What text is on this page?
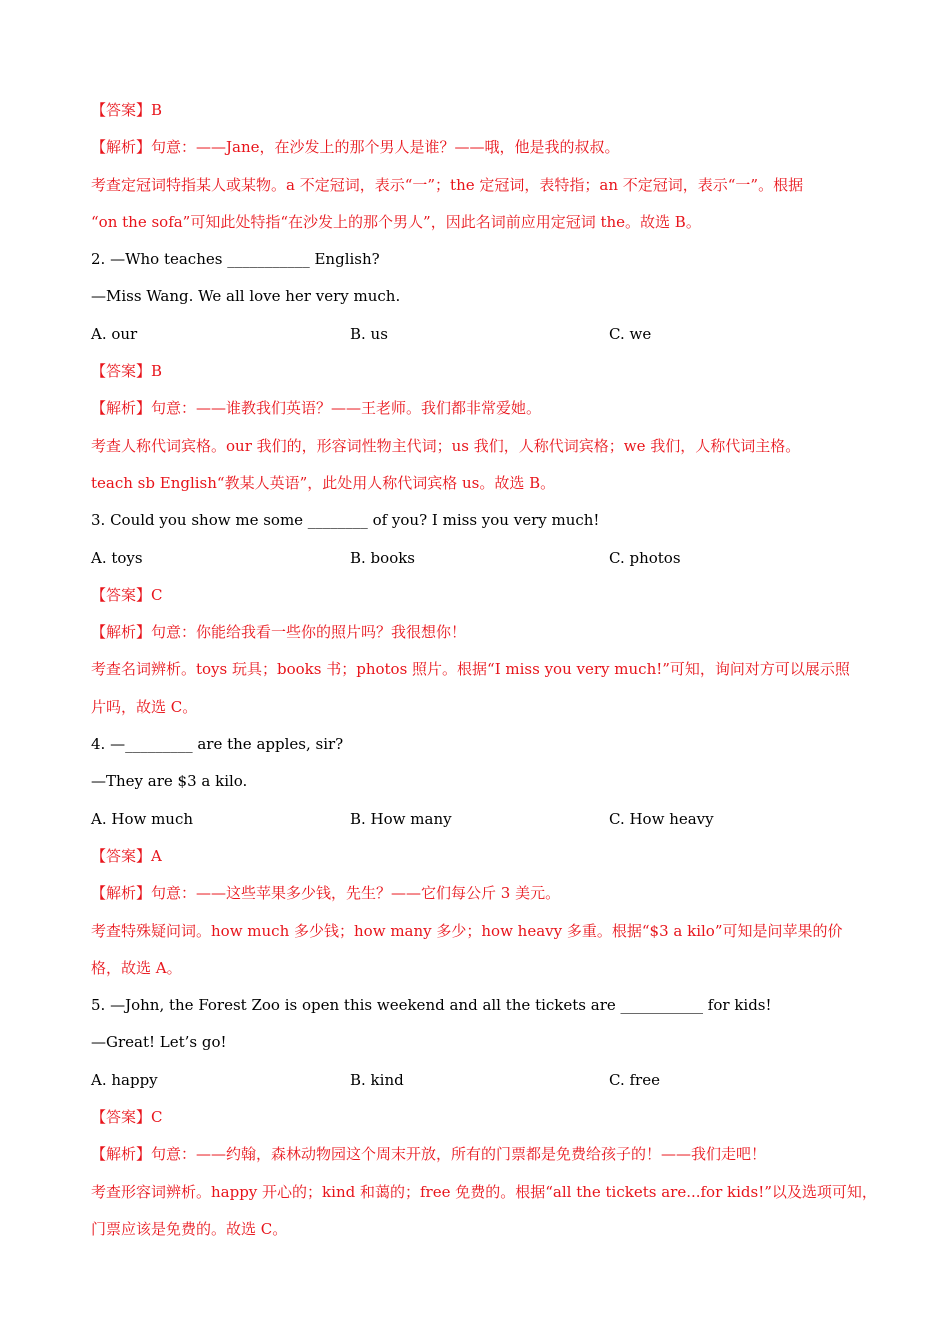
【答案】B
【解析】句意：——Jane，在沙发上的那个男人是谁？——哦，他是我的叔叔。
考查定冠词特指某人或某物。a 不定冠词，表示“一”；the 定冠词，表特指；an 不定冠词，表示“一”。根据
“on the sofa”可知此处特指“在沙发上的那个男人”，因此名词前应用定冠词 the。故选 B。
2. —Who teaches ___________ English?
—Miss Wang. We all love her very much.
A. our	B. us	C. we
【答案】B
【解析】句意：——谁教我们英语？——王老师。我们都非常爱她。
考查人称代词宾格。our 我们的，形容词性物主代词；us 我们，人称代词宾格；we 我们，人称代词主格。
teach sb English“教某人英语”，此处用人称代词宾格 us。故选 B。
3. Could you show me some ________ of you? I miss you very much!
A. toys	B. books	C. photos
【答案】C
【解析】句意：你能给我看一些你的照片吗？我很想你！
考查名词辨析。toys 玩具；books 书；photos 照片。根据“I miss you very much!”可知，询问对方可以展示照
片吗，故选 C。
4. —_________ are the apples, sir?
—They are $3 a kilo.
A. How much	B. How many	C. How heavy
【答案】A
【解析】句意：——这些苹果多少钱，先生？——它们每公斤 3 美元。
考查特殊疑问词。how much 多少钱；how many 多少；how heavy 多重。根据“$3 a kilo”可知是问苹果的价
格，故选 A。
5. —John, the Forest Zoo is open this weekend and all the tickets are ___________ for kids!
—Great! Let’s go!
A. happy	B. kind	C. free
【答案】C
【解析】句意：——约翰，森林动物园这个周末开放，所有的门票都是免费给孩子的！——我们走吧！
考查形容词辨析。happy 开心的；kind 和蔼的；free 免费的。根据“all the tickets are...for kids!”以及选项可知，
门票应该是免费的。故选 C。
